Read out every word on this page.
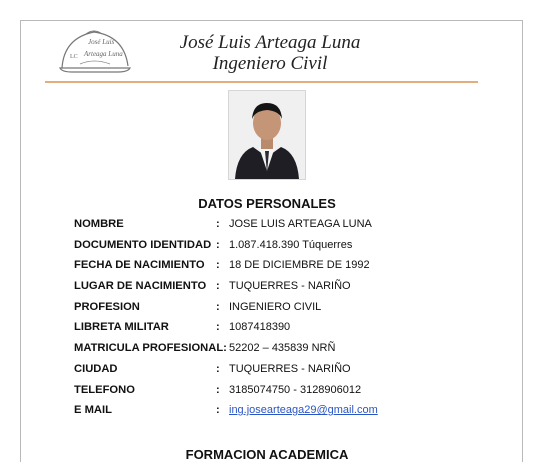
José Luis
Arteaga Luna
LC
José Luis Arteaga Luna
Ingeniero Civil
DATOS PERSONALES
NOMBRE	: JOSE LUIS ARTEAGA LUNA
DOCUMENTO IDENTIDAD : 1.087.418.390 Túquerres
FECHA DE NACIMIENTO : 18 DE DICIEMBRE DE 1992
LUGAR DE NACIMIENTO : TUQUERRES - NARIÑO
PROFESION	: INGENIERO CIVIL
LIBRETA MILITAR	: 1087418390
MATRICULA PROFESIONAL: 52202 – 435839 NRÑ
CIUDAD	: TUQUERRES - NARIÑO
TELEFONO	: 3185074750 - 3128906012
E MAIL	: ing.josearteaga29@gmail.com
FORMACION ACADEMICA
